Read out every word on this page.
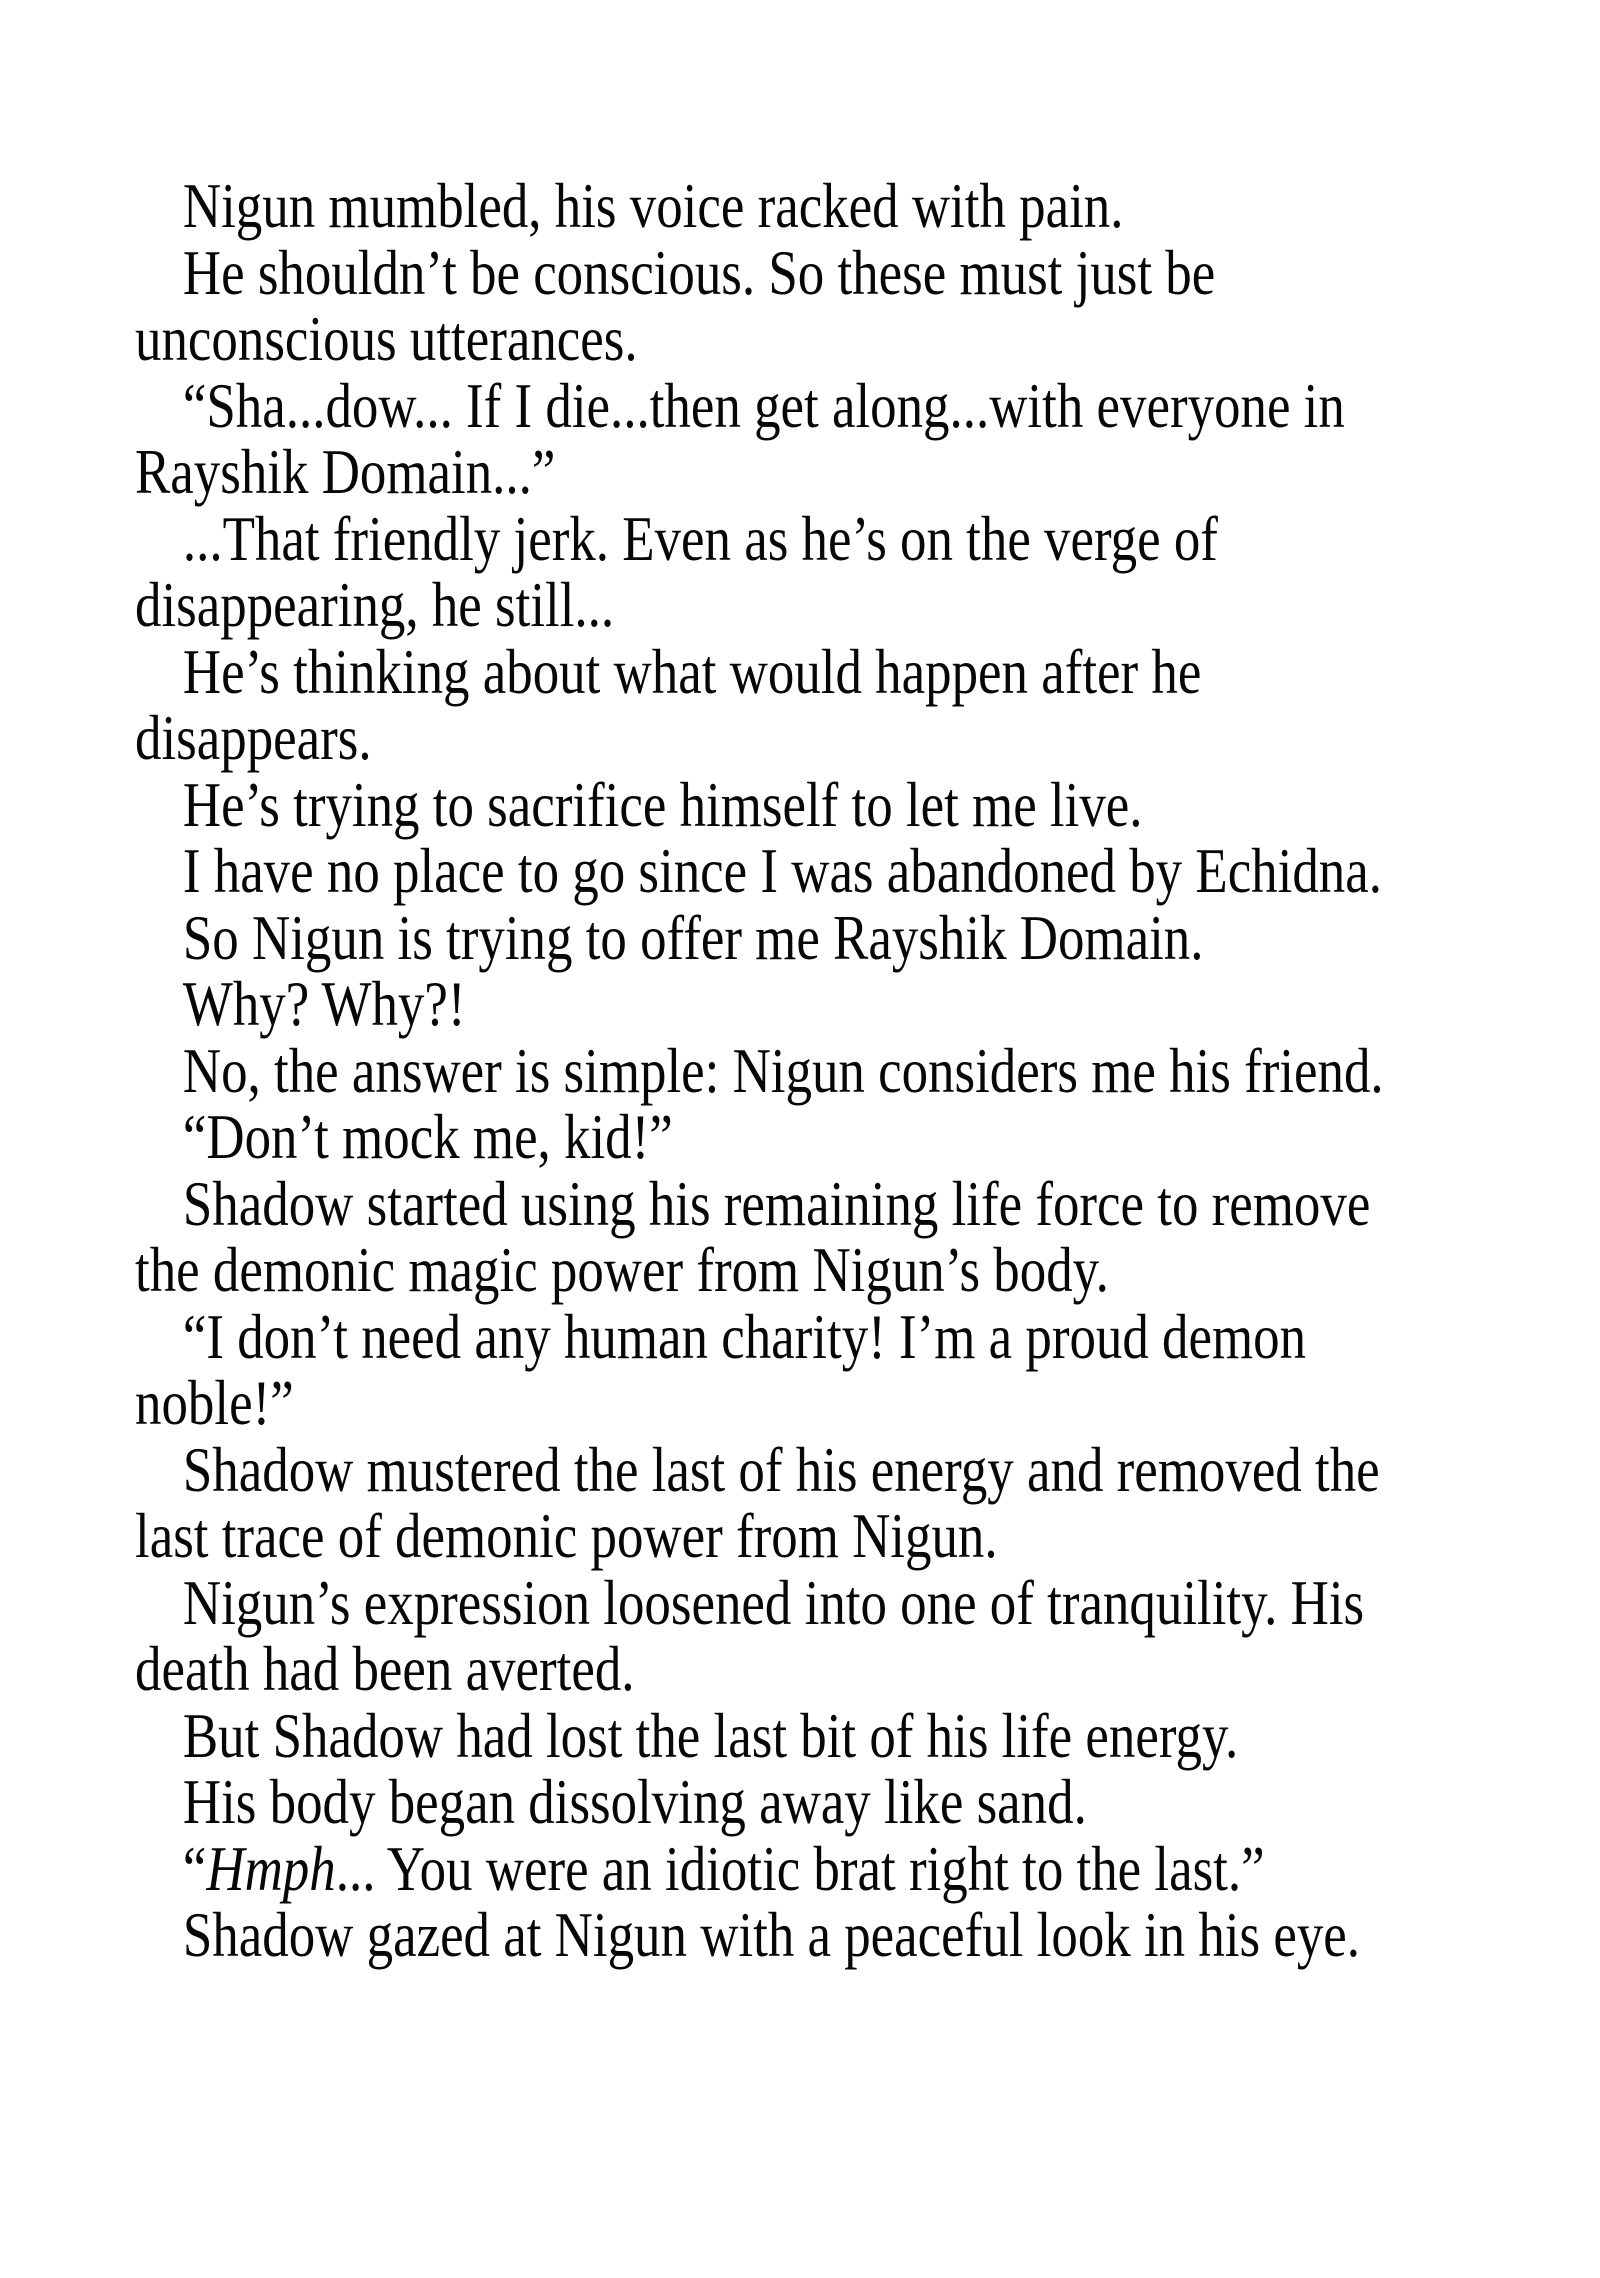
Nigun mumbled, his voice racked with pain.
He shouldn’t be conscious. So these must just be
unconscious utterances.
“Sha...dow... If I die...then get along...with everyone in
Rayshik Domain...”
...That friendly jerk. Even as he’s on the verge of
disappearing, he still...
He’s thinking about what would happen after he
disappears.
He’s trying to sacrifice himself to let me live.
I have no place to go since I was abandoned by Echidna.
So Nigun is trying to offer me Rayshik Domain.
Why? Why?!
No, the answer is simple: Nigun considers me his friend.
“Don’t mock me, kid!”
Shadow started using his remaining life force to remove
the demonic magic power from Nigun’s body.
“I don’t need any human charity! I’m a proud demon
noble!”
Shadow mustered the last of his energy and removed the
last trace of demonic power from Nigun.
Nigun’s expression loosened into one of tranquility. His
death had been averted.
But Shadow had lost the last bit of his life energy.
His body began dissolving away like sand.
“Hmph... You were an idiotic brat right to the last.”
Shadow gazed at Nigun with a peaceful look in his eye.
